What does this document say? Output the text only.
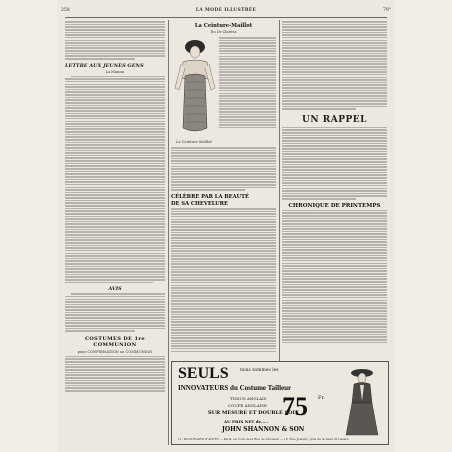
258	LA MODE ILLUSTRÉE	79°
LETTRE AUX JEUNES GENS
La Maison
AVIS
COSTUMES DE 1re COMMUNION
pour CONFIRMATION ou COMMUNION
La Ceinture-Maillot
Du Dr Clarens
La Ceinture-Maillot
CÉLÈBRE PAR LA BEAUTÉ
DE SA CHEVELURE
UN RAPPEL
CHRONIQUE DE PRINTEMPS
SEULS	nous sommes les
INNOVATEURS du Costume Tailleur
TISSUS ANGLAIS
COUPE ANGLAISE
SUR MESURE ET DOUBLÉ SOIE
AU PRIX NET de.....
75 Fr.
JOHN SHANNON & SON
11, BOULEVARD D'ANTIN — Paris, au Coin de la Rue de Choiseul — 10, Rue Joubert, près de la Gare St-Lazare
